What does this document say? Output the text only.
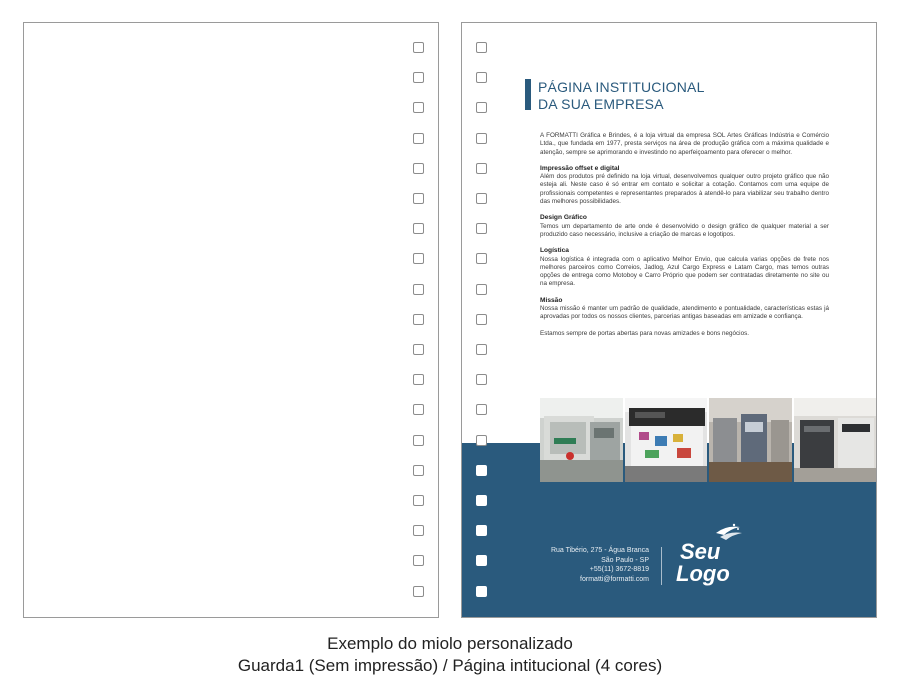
PÁGINA INSTITUCIONAL
DA SUA EMPRESA

A FORMATTI Gráfica e Brindes, é a loja virtual da empresa SOL Artes Gráficas Indústria e Comércio Ltda., que fundada em 1977, presta serviços na área de produção gráfica com a máxima qualidade e atenção, sempre se aprimorando e investindo no aperfeiçoamento para oferecer o melhor.

Impressão offset e digital

Além dos produtos pré definido na loja virtual, desenvolvemos qualquer outro projeto gráfico que não esteja ali. Neste caso é só entrar em contato e solicitar a cotação. Contamos com uma equipe de profissionais competentes e representantes preparados à atendê-lo para viabilizar seu trabalho dentro das melhores possibilidades.

Design Gráfico

Temos um departamento de arte onde é desenvolvido o design gráfico de qualquer material a ser produzido caso necessário, inclusive a criação de marcas e logotipos.

Logística

Nossa logística é integrada com o aplicativo Melhor Envio, que calcula varias opções de frete nos melhores parceiros como Correios, Jadlog, Azul Cargo Express e Latam Cargo, mas temos outras opções de entrega como Motoboy e Carro Próprio que podem ser contratadas diretamente no site ou na empresa.

Missão

Nossa missão é manter um padrão de qualidade, atendimento e pontualidade, características estas já aprovadas por todos os nossos clientes, parcerias antigas baseadas em amizade e confiança.

Estamos sempre de portas abertas para novas amizades e bons negócios.

Rua Tibério, 275 - Água Branca
São Paulo - SP
+55(11) 3672-8819
formatti@formatti.com
Seu
Logo
Exemplo do miolo personalizado
Guarda1 (Sem impressão) / Página intitucional (4 cores)
